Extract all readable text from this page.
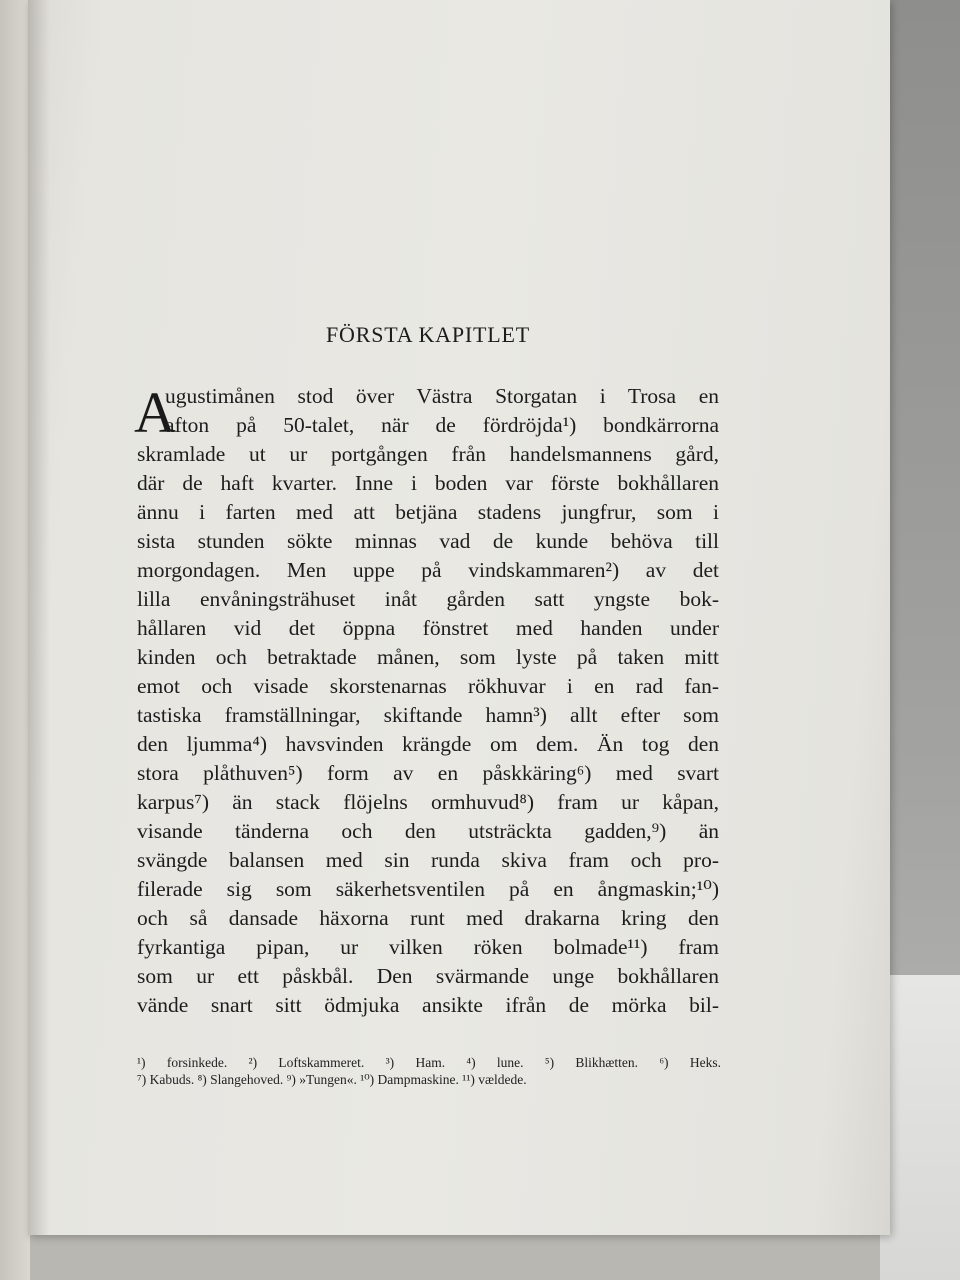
FÖRSTA KAPITLET
A
ugustimånen stod över Västra Storgatan i Trosa en
afton på 50-talet, när de fördröjda¹) bondkärrorna
skramlade ut ur portgången från handelsmannens gård,
där de haft kvarter. Inne i boden var förste bokhållaren
ännu i farten med att betjäna stadens jungfrur, som i
sista stunden sökte minnas vad de kunde behöva till
morgondagen. Men uppe på vindskammaren²) av det
lilla envåningsträhuset inåt gården satt yngste bok-
hållaren vid det öppna fönstret med handen under
kinden och betraktade månen, som lyste på taken mitt
emot och visade skorstenarnas rökhuvar i en rad fan-
tastiska framställningar, skiftande hamn³) allt efter som
den ljumma⁴) havsvinden krängde om dem. Än tog den
stora plåthuven⁵) form av en påskkäring⁶) med svart
karpus⁷) än stack flöjelns ormhuvud⁸) fram ur kåpan,
visande tänderna och den utsträckta gadden,⁹) än
svängde balansen med sin runda skiva fram och pro-
filerade sig som säkerhetsventilen på en ångmaskin;¹⁰)
och så dansade häxorna runt med drakarna kring den
fyrkantiga pipan, ur vilken röken bolmade¹¹) fram
som ur ett påskbål. Den svärmande unge bokhållaren
vände snart sitt ödmjuka ansikte ifrån de mörka bil-
¹) forsinkede. ²) Loftskammeret. ³) Ham. ⁴) lune. ⁵) Blikhætten. ⁶) Heks.
⁷) Kabuds. ⁸) Slangehoved. ⁹) »Tungen«. ¹⁰) Dampmaskine. ¹¹) vældede.
